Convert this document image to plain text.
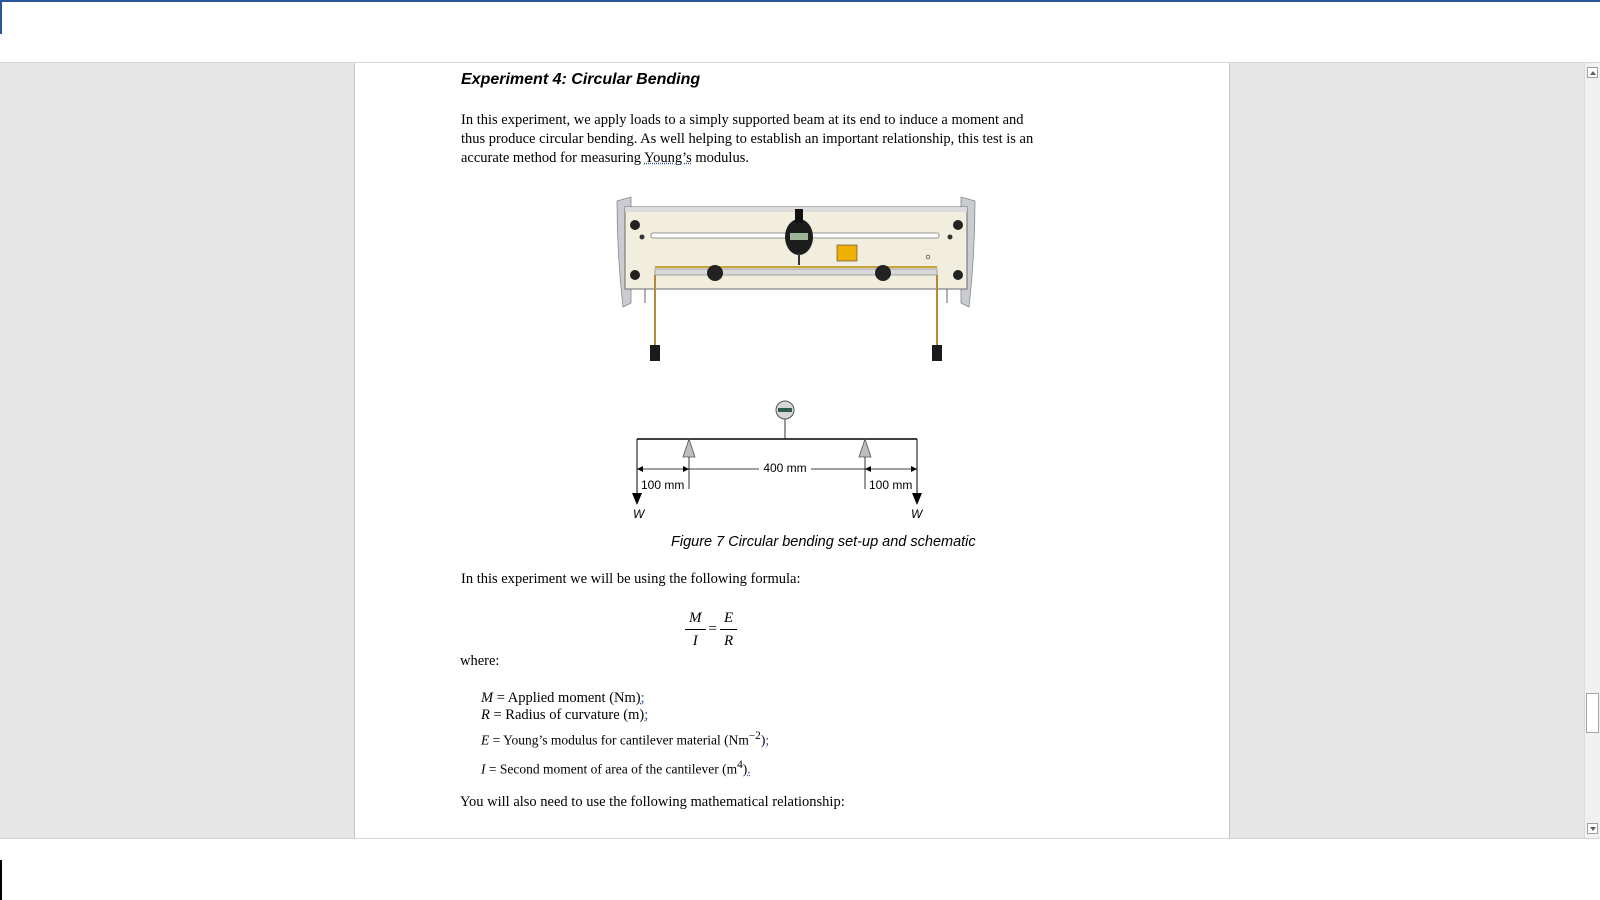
Experiment 4: Circular Bending
In this experiment, we apply loads to a simply supported beam at its end to induce a moment and thus produce circular bending. As well helping to establish an important relationship, this test is an accurate method for measuring Young’s modulus.
400 mm
100 mm	100 mm
W	W
Figure 7 Circular bending set-up and schematic
In this experiment we will be using the following formula:
$\frac{M}{I} = \frac{E}{R}$
where:
M = Applied moment (Nm);
R = Radius of curvature (m);
E = Young’s modulus for cantilever material $(Nm^{-2})$;
I = Second moment of area of the cantilever $(m^4)$.
You will also need to use the following mathematical relationship:
